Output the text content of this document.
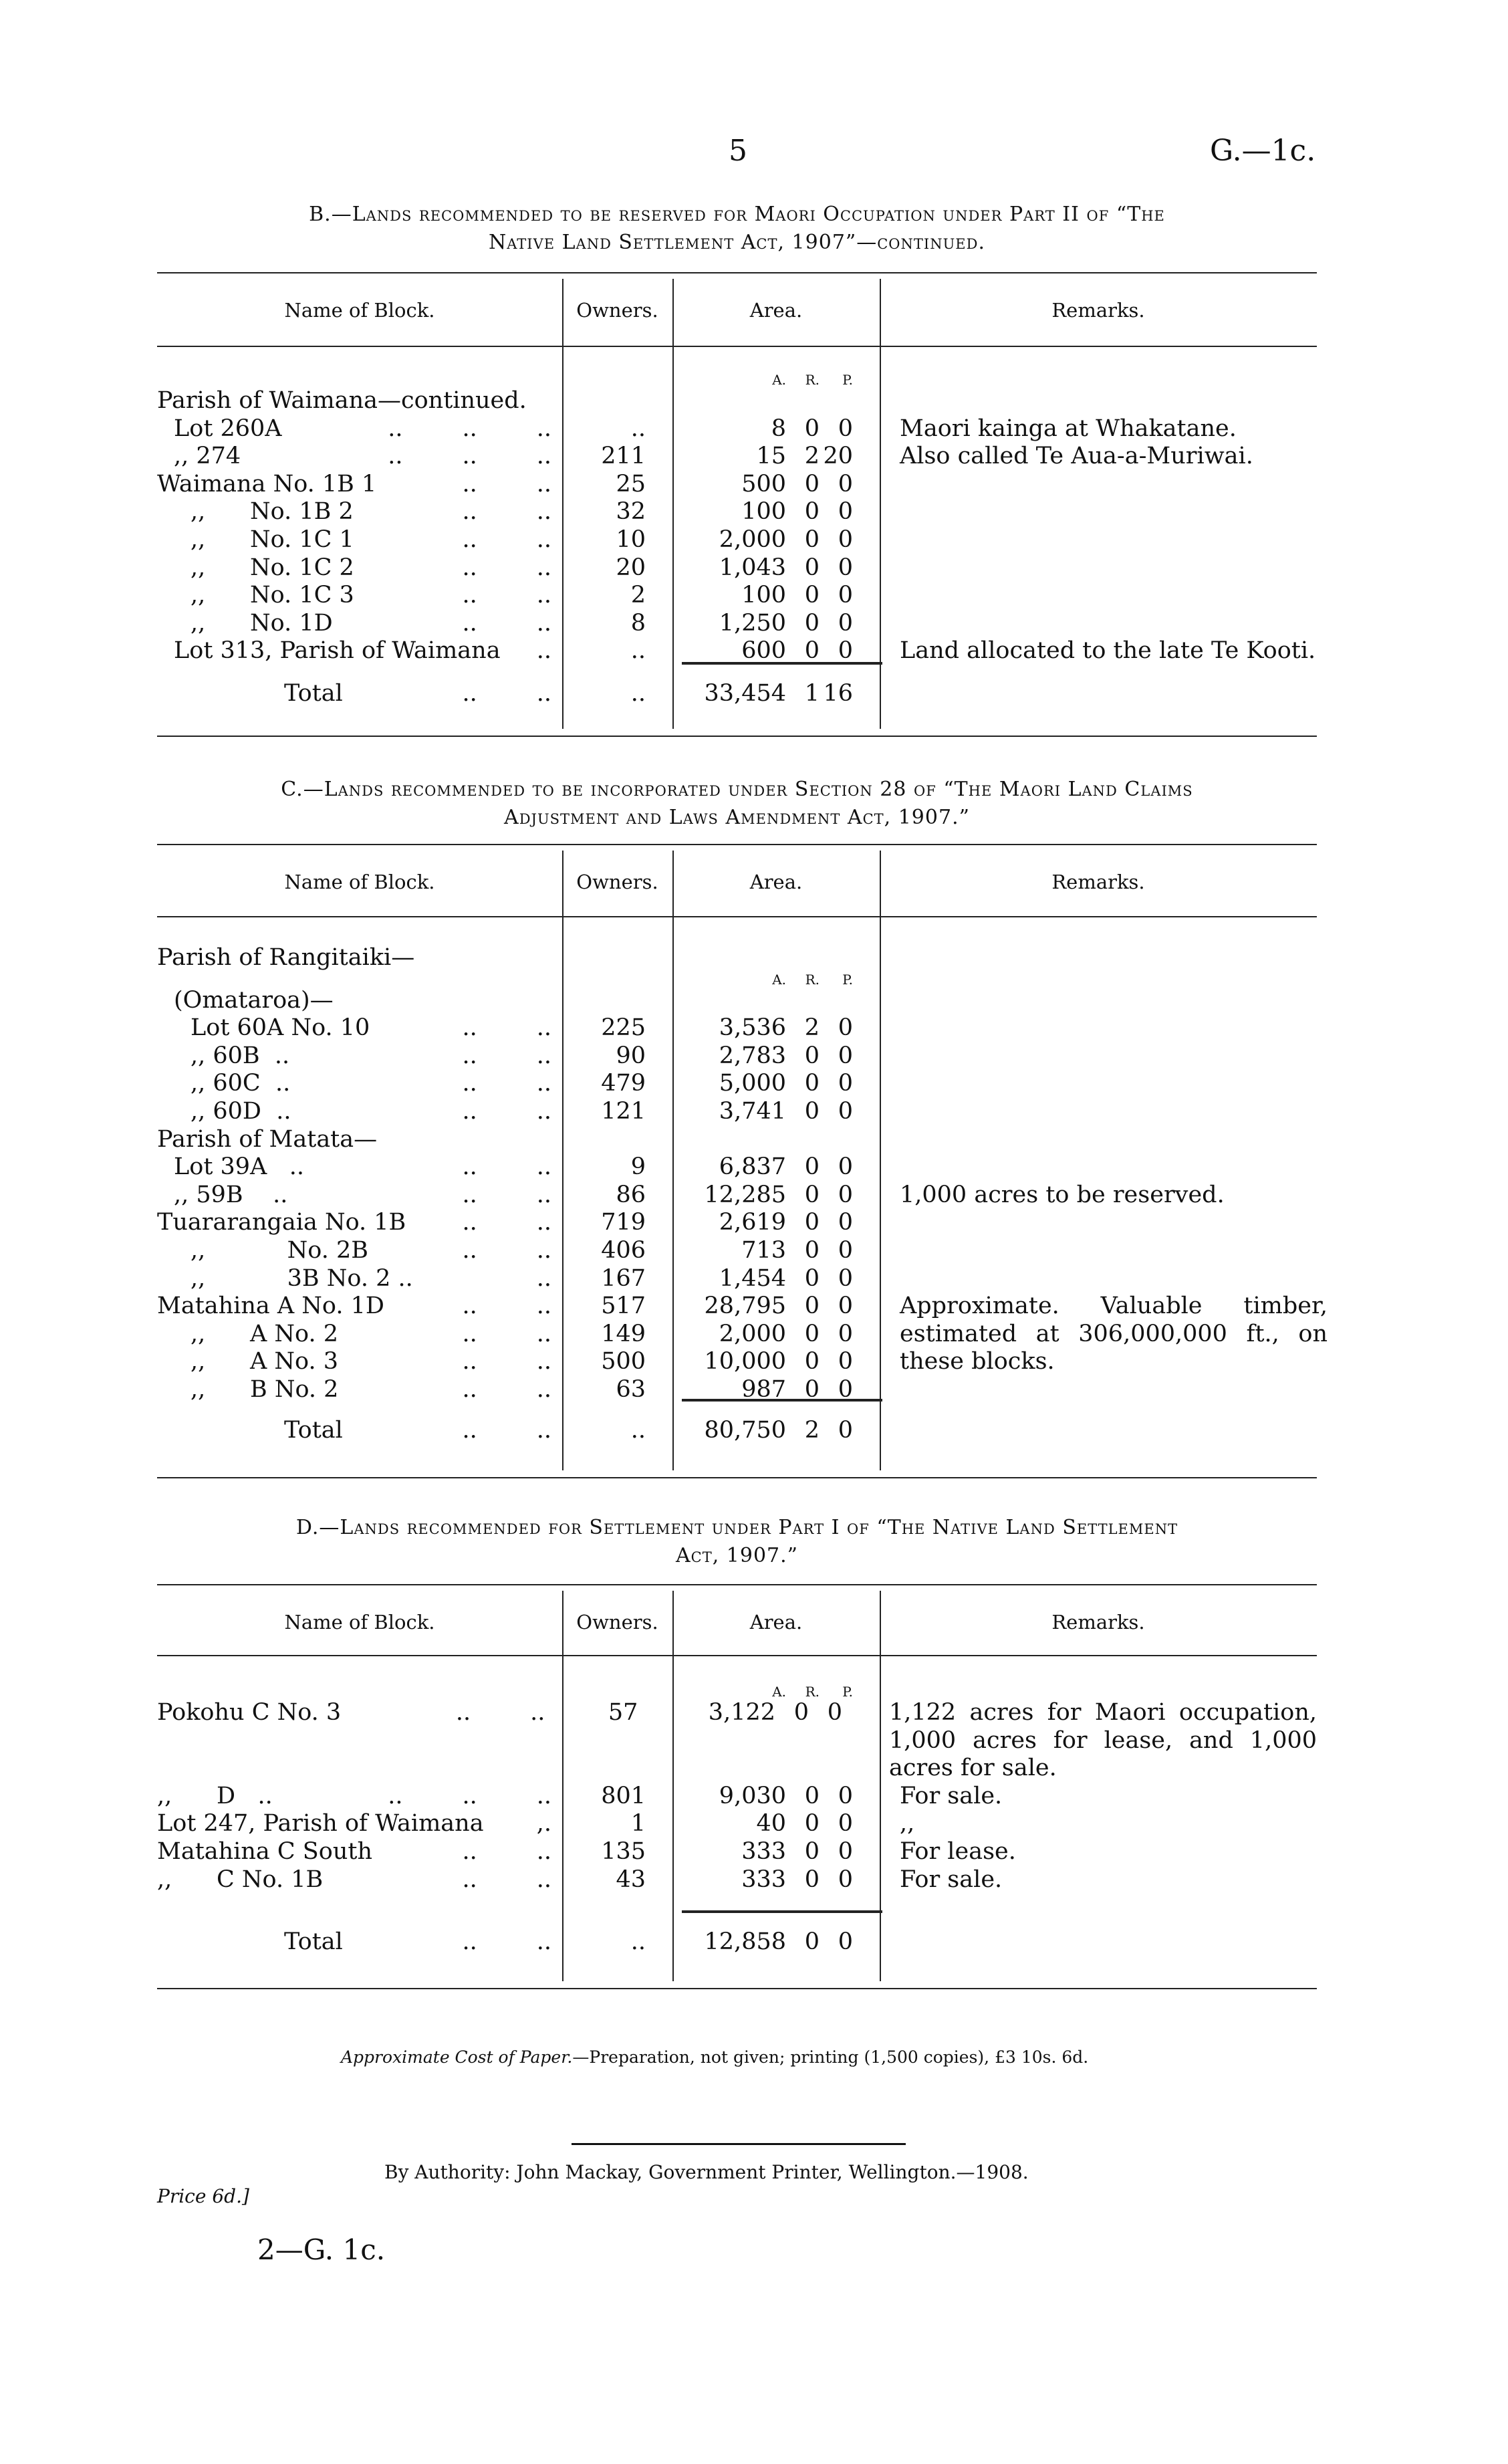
5	G.—1c.
B.—Lands recommended to be reserved for Maori Occupation under Part II of “The
Native Land Settlement Act, 1907”—continued.
Name of Block.	Owners.	Area.	Remarks.
A.	R.	P.
Parish of Waimana—continued.
Lot 260A	..        ..        ..	..	8 0 0 Maori kainga at Whakatane.
,, 274	..        ..        ..	211	15 2 20 Also called Te Aua-a-Muriwai.
Waimana No. 1B 1	..        ..	25	500 0 0
,,      No. 1B 2	..        ..	32	100 0 0
,,      No. 1C 1	..        ..	10	2,000 0 0
,,      No. 1C 2	..        ..	20	1,043 0 0
,,      No. 1C 3	..        ..	2	100 0 0
,,      No. 1D	..        ..	8	1,250 0 0
Lot 313, Parish of Waimana ..	..	600 0 0 Land allocated to the late Te Kooti.
Total	..        ..	..	33,454 1 16
C.—Lands recommended to be incorporated under Section 28 of “The Maori Land Claims
Adjustment and Laws Amendment Act, 1907.”
Name of Block.	Owners.	Area.	Remarks.
Parish of Rangitaiki—
A.	R.	P.
(Omataroa)—
Lot 60A No. 10	..        ..	225	3,536 2 0
,, 60B  ..	..        ..	90	2,783 0 0
,, 60C  ..	..        ..	479	5,000 0 0
,, 60D  ..	..        ..	121	3,741 0 0
Parish of Matata—
Lot 39A   ..	..        ..	9	6,837 0 0
,, 59B    ..	..        ..	86	12,285 0 0 1,000 acres to be reserved.
Tuararangaia No. 1B ..        ..	719	2,619 0 0
,,           No. 2B	..        ..	406	713 0 0
,,           3B No. 2 ..	..	167	1,454 0 0
Matahina A No. 1D	..        ..	517	28,795 0 0 Approximate. Valuable timber, estimated at 306,000,000 ft., on these blocks.
,,      A No. 2	..        ..	149	2,000 0 0
,,      A No. 3	..        ..	500	10,000 0 0
,,      B No. 2	..        ..	63	987 0 0
Total	..        ..	..	80,750 2 0
D.—Lands recommended for Settlement under Part I of “The Native Land Settlement
Act, 1907.”
Name of Block.	Owners.	Area.	Remarks.
A.	R.	P.
Pokohu C No. 3	..        ..	57	3,122 0 0 1,122 acres for Maori occupation, 1,000 acres for lease, and 1,000 acres for sale.
,,      D   ..	..        ..        ..	801	9,030 0 0 For sale.
Lot 247, Parish of Waimana ,.	1	40 0 0 ,,
Matahina C South	..        ..	135	333 0 0 For lease.
,,      C No. 1B	..        ..	43	333 0 0 For sale.
Total	..        ..	..	12,858 0 0
Approximate Cost of Paper.—Preparation, not given; printing (1,500 copies), £3 10s. 6d.
By Authority: John Mackay, Government Printer, Wellington.—1908.
Price 6d.]
2—G. 1c.
